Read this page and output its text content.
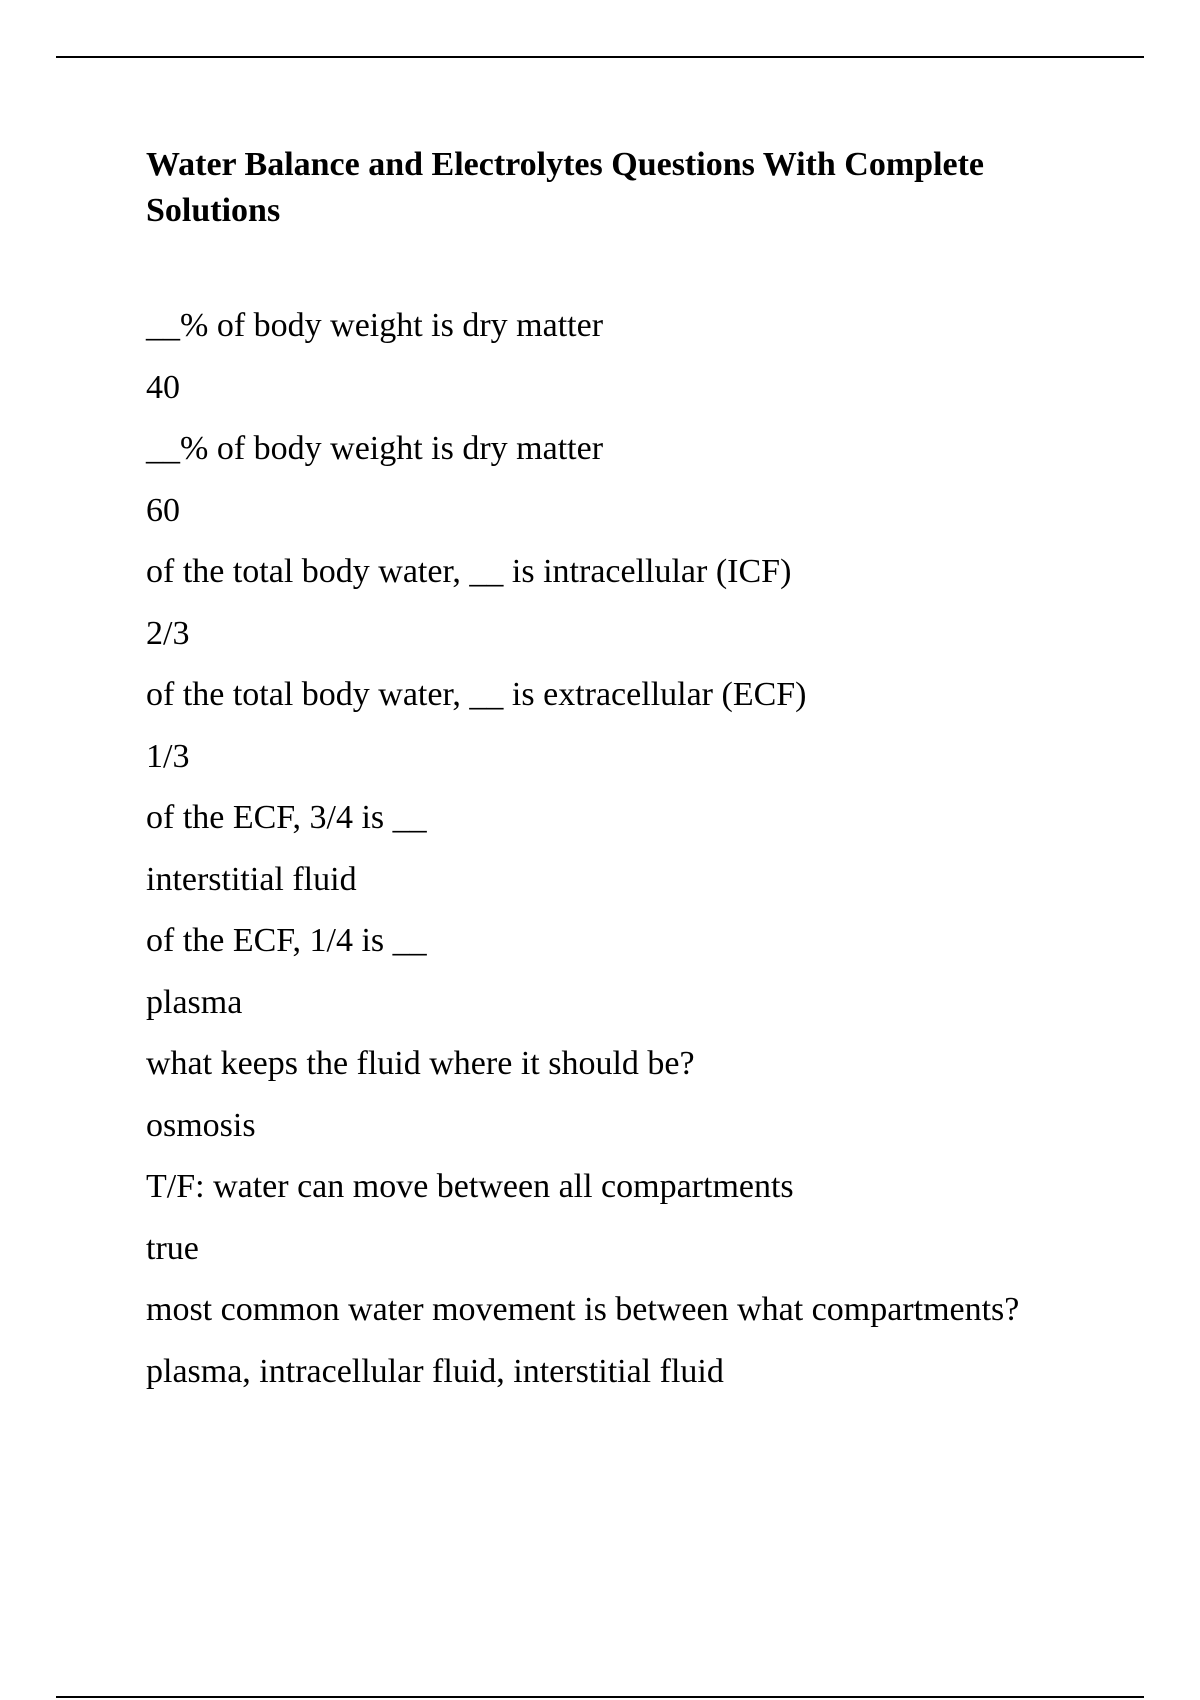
Water Balance and Electrolytes Questions With Complete Solutions
__% of body weight is dry matter
40
__% of body weight is dry matter
60
of the total body water, __ is intracellular (ICF)
2/3
of the total body water, __ is extracellular (ECF)
1/3
of the ECF, 3/4 is __
interstitial fluid
of the ECF, 1/4 is __
plasma
what keeps the fluid where it should be?
osmosis
T/F: water can move between all compartments
true
most common water movement is between what compartments?
plasma, intracellular fluid, interstitial fluid
